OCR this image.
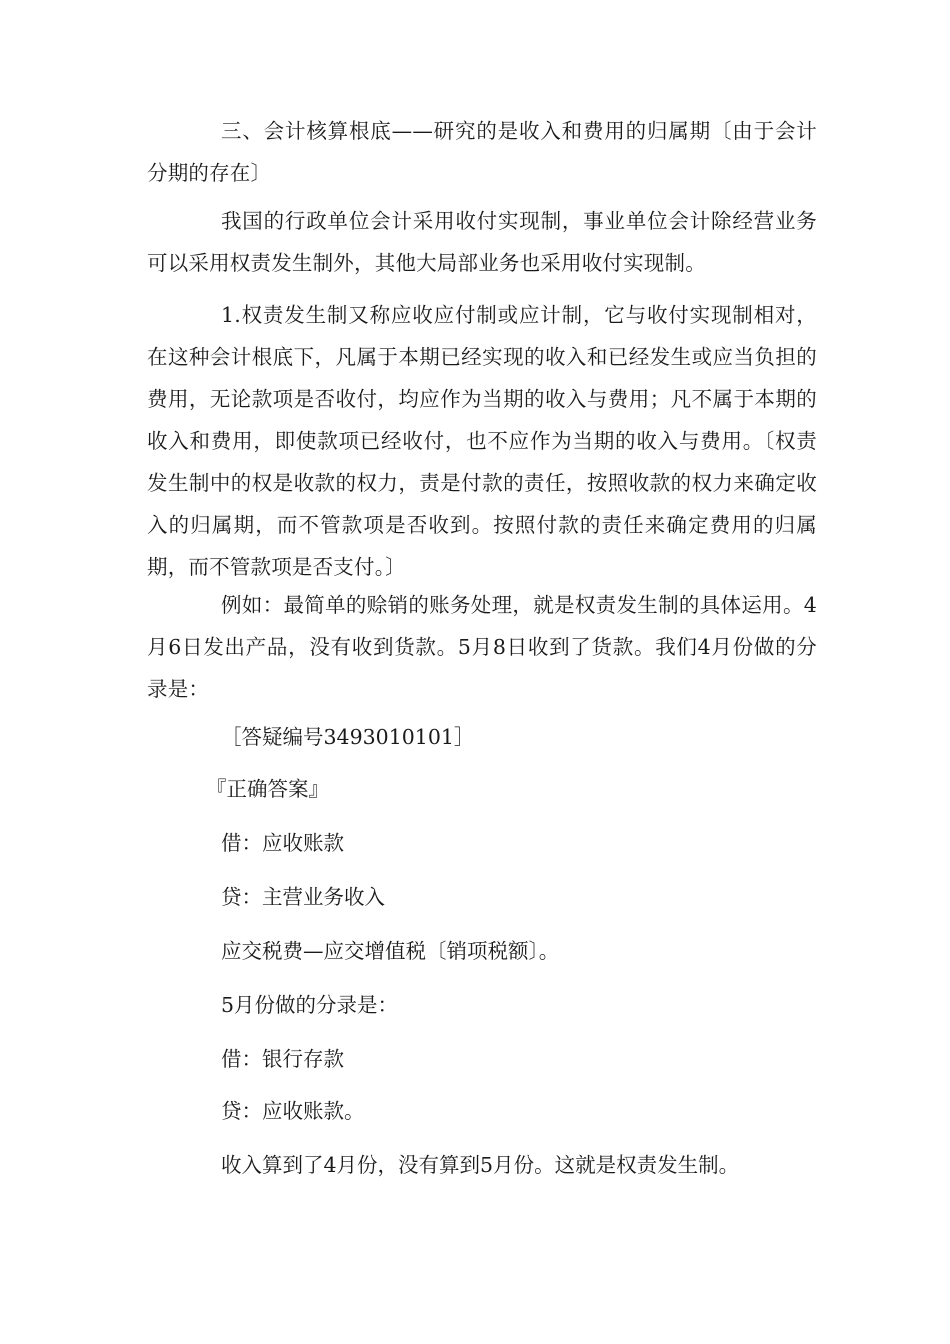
三、会计核算根底——研究的是收入和费用的归属期〔由于会计分期的存在〕

我国的行政单位会计采用收付实现制，事业单位会计除经营业务可以采用权责发生制外，其他大局部业务也采用收付实现制。

1.权责发生制又称应收应付制或应计制，它与收付实现制相对，在这种会计根底下，凡属于本期已经实现的收入和已经发生或应当负担的费用，无论款项是否收付，均应作为当期的收入与费用；凡不属于本期的收入和费用，即使款项已经收付，也不应作为当期的收入与费用。〔权责发生制中的权是收款的权力，责是付款的责任，按照收款的权力来确定收入的归属期，而不管款项是否收到。按照付款的责任来确定费用的归属期，而不管款项是否支付。〕

例如：最简单的赊销的账务处理，就是权责发生制的具体运用。4月6日发出产品，没有收到货款。5月8日收到了货款。我们4月份做的分录是：

［答疑编号3493010101］

『正确答案』

借：应收账款

贷：主营业务收入

应交税费—应交增值税〔销项税额〕。

5月份做的分录是：

借：银行存款

贷：应收账款。

收入算到了4月份，没有算到5月份。这就是权责发生制。
